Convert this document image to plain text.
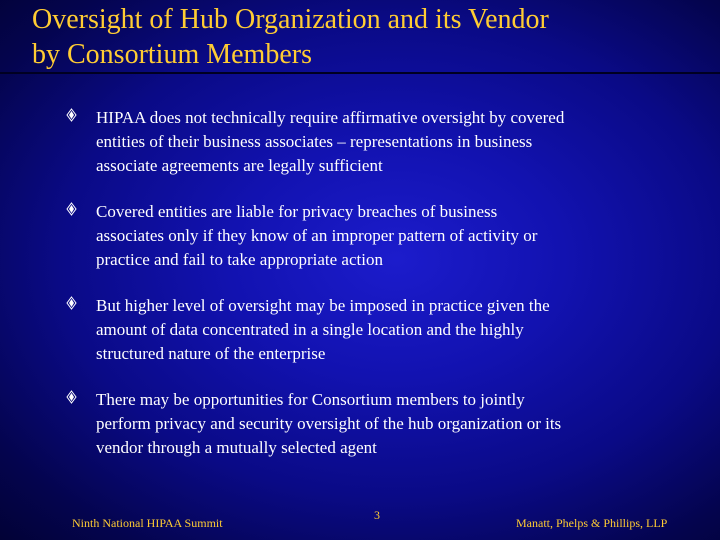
Oversight of Hub Organization and its Vendor
by Consortium Members
HIPAA does not technically require affirmative oversight by covered
entities of their business associates – representations in business
associate agreements are legally sufficient
Covered entities are liable for privacy breaches of business
associates only if they know of an improper pattern of activity or
practice and fail to take appropriate action
But higher level of oversight may be imposed in practice given the
amount of data concentrated in a single location and the highly
structured nature of the enterprise
There may be opportunities for Consortium members to jointly
perform privacy and security oversight of the hub organization or its
vendor through a mutually selected agent
Ninth National HIPAA Summit
3
Manatt, Phelps & Phillips, LLP
